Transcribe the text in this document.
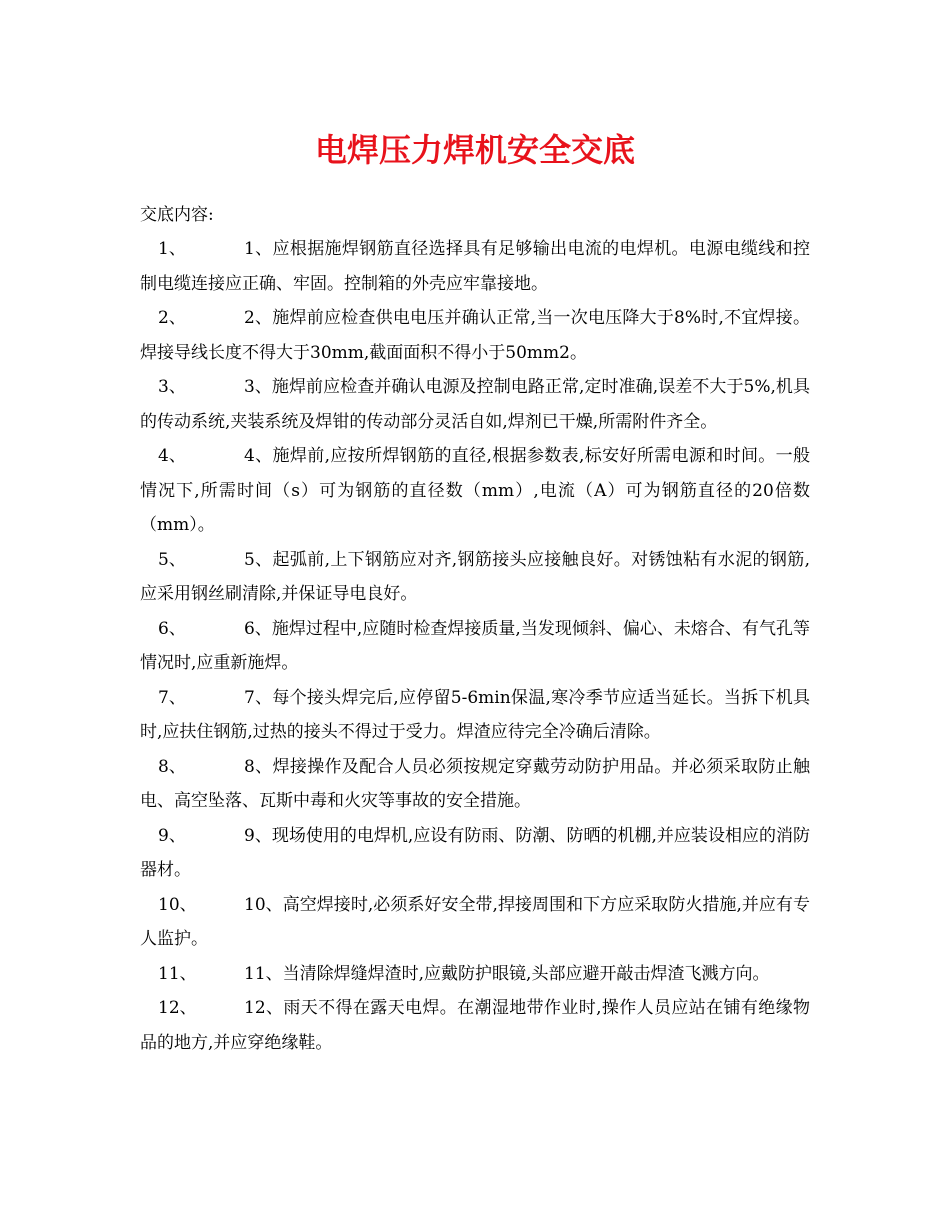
电焊压力焊机安全交底
交底内容:
1、	1、应根据施焊钢筋直径选择具有足够输出电流的电焊机。电源电缆线和控制电缆连接应正确、牢固。控制箱的外壳应牢靠接地。
2、	2、施焊前应检查供电电压并确认正常,当一次电压降大于8%时,不宜焊接。焊接导线长度不得大于30mm,截面面积不得小于50mm2。
3、	3、施焊前应检查并确认电源及控制电路正常,定时准确,误差不大于5%,机具的传动系统,夹装系统及焊钳的传动部分灵活自如,焊剂已干燥,所需附件齐全。
4、	4、施焊前,应按所焊钢筋的直径,根据参数表,标安好所需电源和时间。一般情况下,所需时间（s）可为钢筋的直径数（mm）,电流（A）可为钢筋直径的20倍数（mm）。
5、	5、起弧前,上下钢筋应对齐,钢筋接头应接触良好。对锈蚀粘有水泥的钢筋,应采用钢丝刷清除,并保证导电良好。
6、	6、施焊过程中,应随时检查焊接质量,当发现倾斜、偏心、未熔合、有气孔等情况时,应重新施焊。
7、	7、每个接头焊完后,应停留5-6min保温,寒冷季节应适当延长。当拆下机具时,应扶住钢筋,过热的接头不得过于受力。焊渣应待完全冷确后清除。
8、	8、焊接操作及配合人员必须按规定穿戴劳动防护用品。并必须采取防止触电、高空坠落、瓦斯中毒和火灾等事故的安全措施。
9、	9、现场使用的电焊机,应设有防雨、防潮、防晒的机棚,并应装设相应的消防器材。
10、	10、高空焊接时,必须系好安全带,捍接周围和下方应采取防火措施,并应有专人监护。
11、	11、当清除焊缝焊渣时,应戴防护眼镜,头部应避开敲击焊渣飞溅方向。
12、	12、雨天不得在露天电焊。在潮湿地带作业时,操作人员应站在铺有绝缘物品的地方,并应穿绝缘鞋。
